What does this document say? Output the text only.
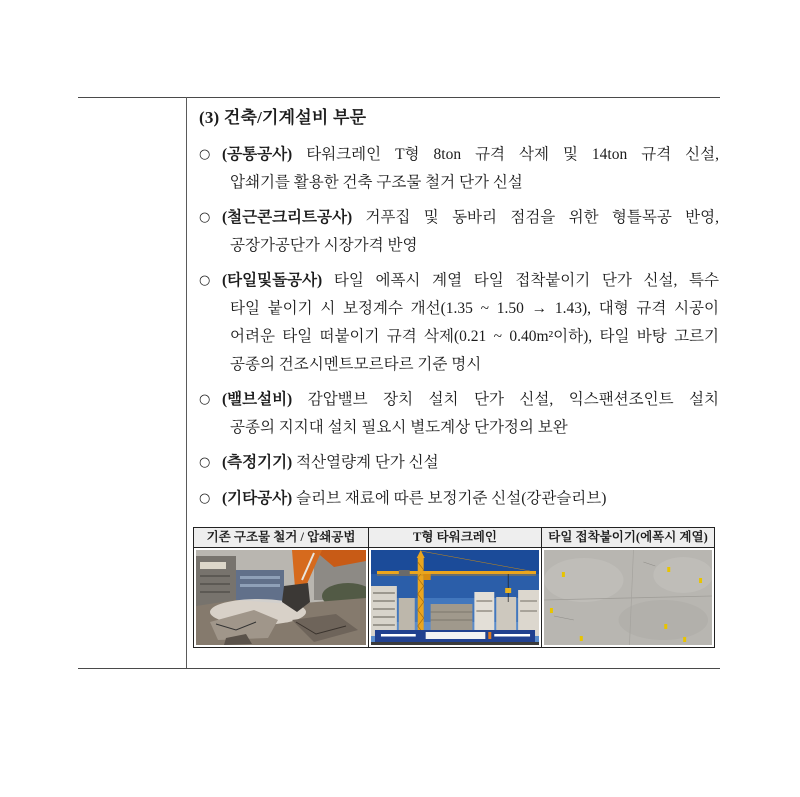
(3) 건축/기계설비 부문
○ (공통공사) 타워크레인 T형 8ton 규격 삭제 및 14ton 규격 신설,
압쇄기를 활용한 건축 구조물 철거 단가 신설
○ (철근콘크리트공사) 거푸집 및 동바리 점검을 위한 형틀목공 반영,
공장가공단가 시장가격 반영
○ (타일및돌공사) 타일 에폭시 계열 타일 접착붙이기 단가 신설, 특수
타일 붙이기 시 보정계수 개선(1.35 ~ 1.50 → 1.43), 대형 규격 시공이
어려운 타일 떠붙이기 규격 삭제(0.21 ~ 0.40m²이하), 타일 바탕 고르기
공종의 건조시멘트모르타르 기준 명시
○ (밸브설비) 감압밸브 장치 설치 단가 신설, 익스팬션조인트 설치
공종의 지지대 설치 필요시 별도계상 단가정의 보완
○ (측정기기) 적산열량계 단가 신설
○ (기타공사) 슬리브 재료에 따른 보정기준 신설(강관슬리브)
기존 구조물 철거 / 압쇄공법	T형 타워크레인	타일 접착붙이기(에폭시 계열)
